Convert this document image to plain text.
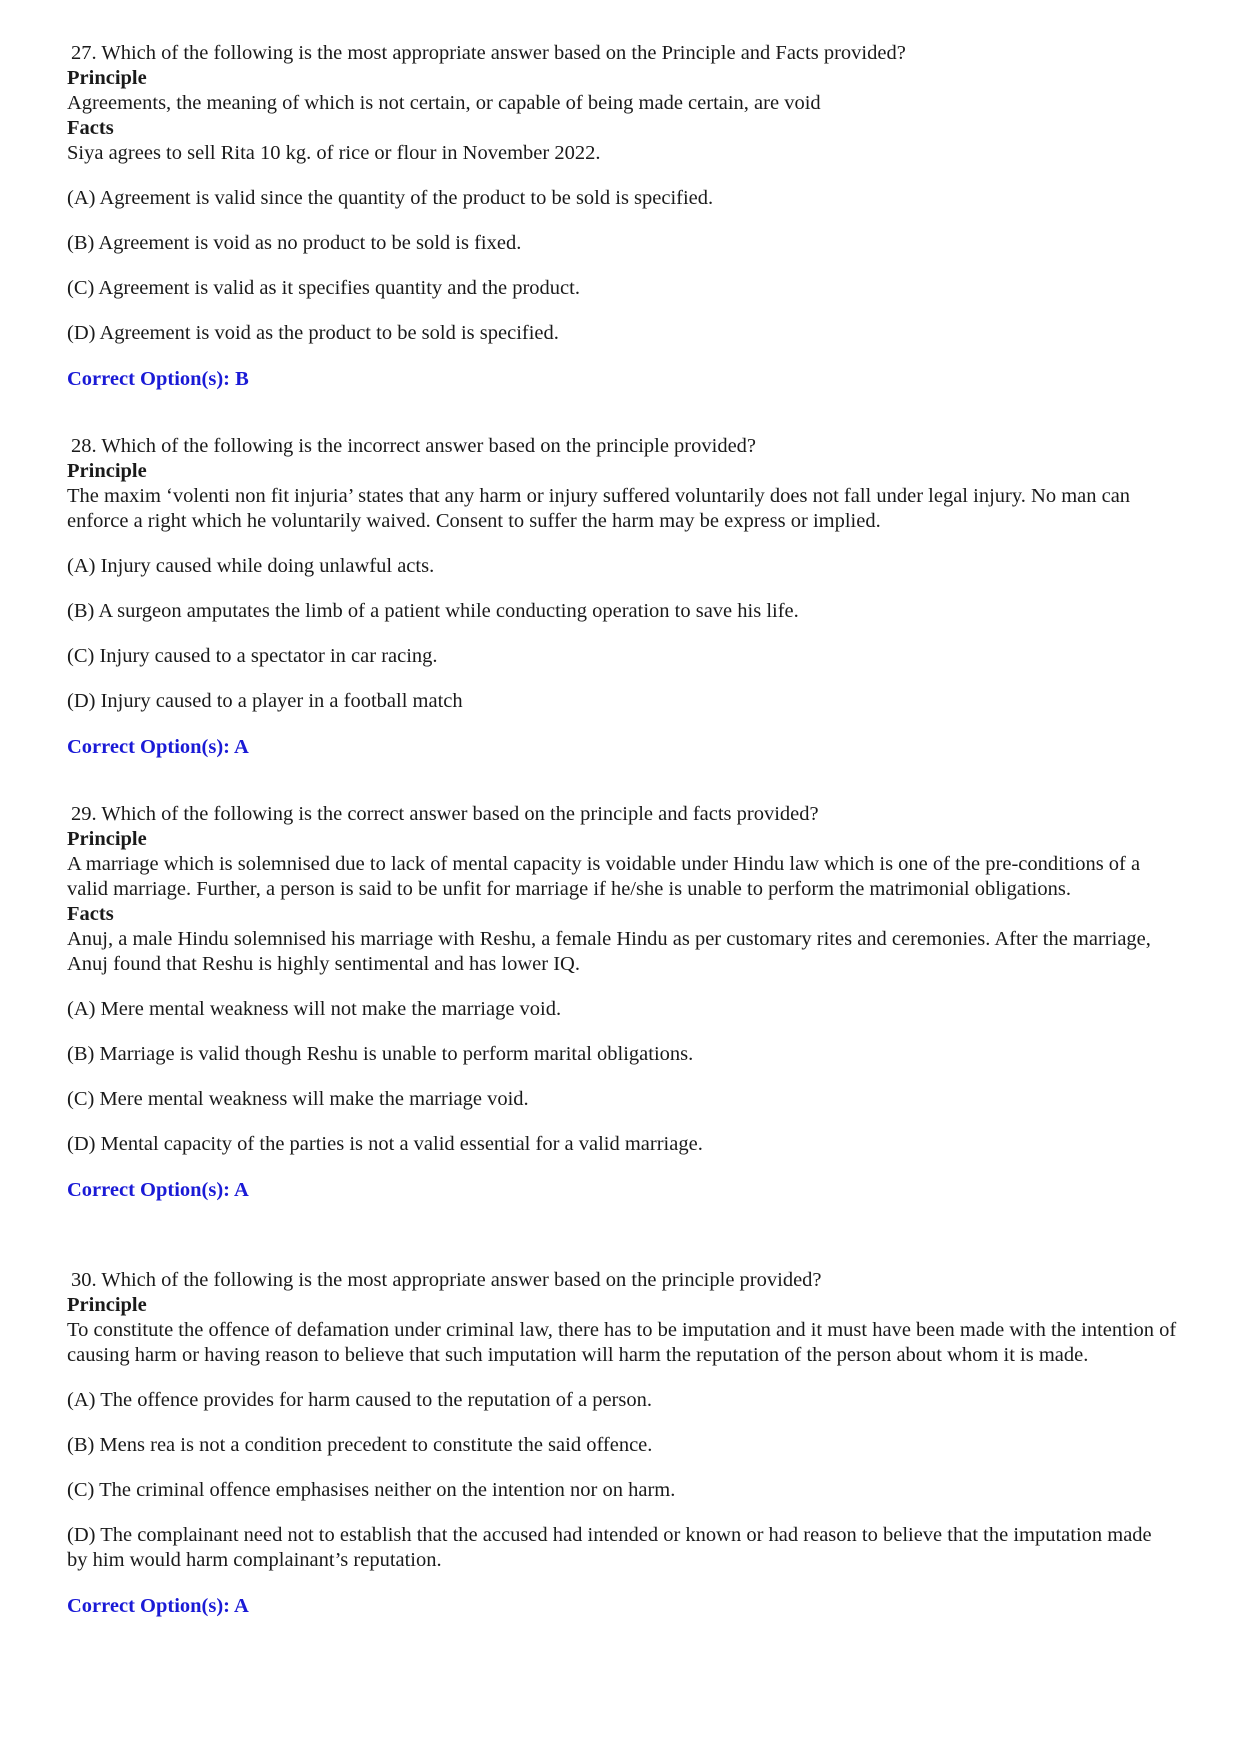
27. Which of the following is the most appropriate answer based on the Principle and Facts provided?
Principle
Agreements, the meaning of which is not certain, or capable of being made certain, are void
Facts
Siya agrees to sell Rita 10 kg. of rice or flour in November 2022.
(A) Agreement is valid since the quantity of the product to be sold is specified.
(B) Agreement is void as no product to be sold is fixed.
(C) Agreement is valid as it specifies quantity and the product.
(D) Agreement is void as the product to be sold is specified.
Correct Option(s): B
28. Which of the following is the incorrect answer based on the principle provided?
Principle
The maxim ‘volenti non fit injuria’ states that any harm or injury suffered voluntarily does not fall under legal injury. No man can enforce a right which he voluntarily waived. Consent to suffer the harm may be express or implied.
(A) Injury caused while doing unlawful acts.
(B) A surgeon amputates the limb of a patient while conducting operation to save his life.
(C) Injury caused to a spectator in car racing.
(D) Injury caused to a player in a football match
Correct Option(s): A
29. Which of the following is the correct answer based on the principle and facts provided?
Principle
A marriage which is solemnised due to lack of mental capacity is voidable under Hindu law which is one of the pre-conditions of a valid marriage. Further, a person is said to be unfit for marriage if he/she is unable to perform the matrimonial obligations.
Facts
Anuj, a male Hindu solemnised his marriage with Reshu, a female Hindu as per customary rites and ceremonies. After the marriage, Anuj found that Reshu is highly sentimental and has lower IQ.
(A) Mere mental weakness will not make the marriage void.
(B) Marriage is valid though Reshu is unable to perform marital obligations.
(C) Mere mental weakness will make the marriage void.
(D) Mental capacity of the parties is not a valid essential for a valid marriage.
Correct Option(s): A
30. Which of the following is the most appropriate answer based on the principle provided?
Principle
To constitute the offence of defamation under criminal law, there has to be imputation and it must have been made with the intention of causing harm or having reason to believe that such imputation will harm the reputation of the person about whom it is made.
(A) The offence provides for harm caused to the reputation of a person.
(B) Mens rea is not a condition precedent to constitute the said offence.
(C) The criminal offence emphasises neither on the intention nor on harm.
(D) The complainant need not to establish that the accused had intended or known or had reason to believe that the imputation made by him would harm complainant’s reputation.
Correct Option(s): A
